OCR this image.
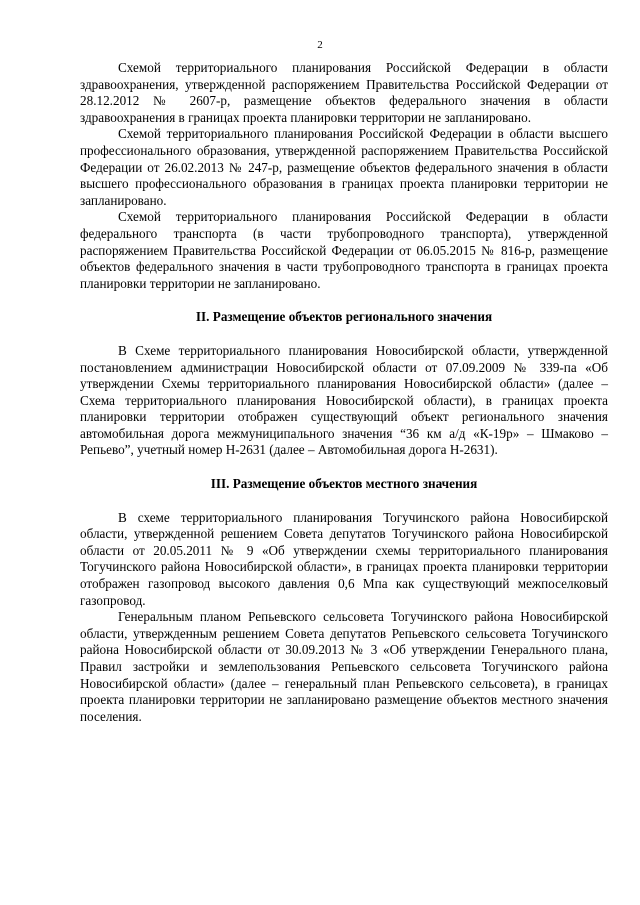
2

Схемой территориального планирования Российской Федерации в области здравоохранения, утвержденной распоряжением Правительства Российской Федерации от 28.12.2012 № 2607-р, размещение объектов федерального значения в области здравоохранения в границах проекта планировки территории не запланировано.

Схемой территориального планирования Российской Федерации в области высшего профессионального образования, утвержденной распоряжением Правительства Российской Федерации от 26.02.2013 № 247-р, размещение объектов федерального значения в области высшего профессионального образования в границах проекта планировки территории не запланировано.

Схемой территориального планирования Российской Федерации в области федерального транспорта (в части трубопроводного транспорта), утвержденной распоряжением Правительства Российской Федерации от 06.05.2015 № 816-р, размещение объектов федерального значения в части трубопроводного транспорта в границах проекта планировки территории не запланировано.

II. Размещение объектов регионального значения

В Схеме территориального планирования Новосибирской области, утвержденной постановлением администрации Новосибирской области от 07.09.2009 № 339-па «Об утверждении Схемы территориального планирования Новосибирской области» (далее – Схема территориального планирования Новосибирской области), в границах проекта планировки территории отображен существующий объект регионального значения автомобильная дорога межмуниципального значения “36 км а/д «К-19р» – Шмаково – Репьево”, учетный номер Н-2631 (далее – Автомобильная дорога Н-2631).

III. Размещение объектов местного значения

В схеме территориального планирования Тогучинского района Новосибирской области, утвержденной решением Совета депутатов Тогучинского района Новосибирской области от 20.05.2011 № 9 «Об утверждении схемы территориального планирования Тогучинского района Новосибирской области», в границах проекта планировки территории отображен газопровод высокого давления 0,6 Мпа как существующий межпоселковый газопровод.

Генеральным планом Репьевского сельсовета Тогучинского района Новосибирской области, утвержденным решением Совета депутатов Репьевского сельсовета Тогучинского района Новосибирской области от 30.09.2013 № 3 «Об утверждении Генерального плана, Правил застройки и землепользования Репьевского сельсовета Тогучинского района Новосибирской области» (далее – генеральный план Репьевского сельсовета), в границах проекта планировки территории не запланировано размещение объектов местного значения поселения.
